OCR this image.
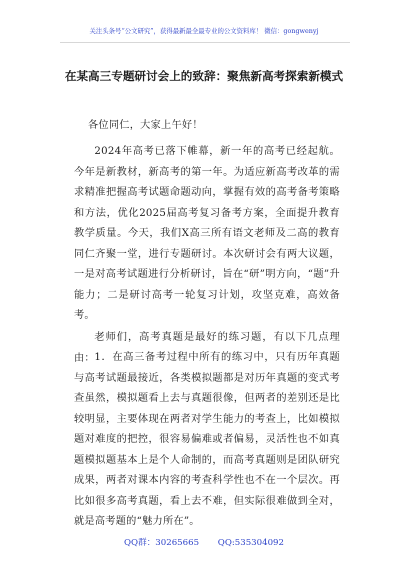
关注头条号“公文研究”，获得最新最全最专业的公文资料库！ 微信：gongwenyj
在某高三专题研讨会上的致辞：聚焦新高考探索新模式
各位同仁，大家上午好！
2024年高考已落下帷幕，新一年的高考已经起航。今年是新教材，新高考的第一年。为适应新高考改革的需求精准把握高考试题命题动向，掌握有效的高考备考策略和方法，优化2025届高考复习备考方案，全面提升教育教学质量。今天，我们X高三所有语文老师及二高的教育同仁齐聚一堂，进行专题研讨。本次研讨会有两大议题，一是对高考试题进行分析研讨，旨在“研”明方向，“题”升能力；二是研讨高考一轮复习计划，攻坚克难，高效备考。
老师们，高考真题是最好的练习题，有以下几点理由： 1．在高三备考过程中所有的练习中，只有历年真题与高考试题最接近，各类模拟题都是对历年真题的变式考查虽然，模拟题看上去与真题很像，但两者的差别还是比较明显，主要体现在两者对学生能力的考查上，比如模拟题对难度的把控，很容易偏难或者偏易，灵活性也不如真题模拟题基本上是个人命制的，而高考真题则是团队研究成果，两者对课本内容的考查科学性也不在一个层次。再比如很多高考真题，看上去不难，但实际很难做到全对，就是高考题的“魅力所在”。
QQ群：30265665 QQ:535304092
